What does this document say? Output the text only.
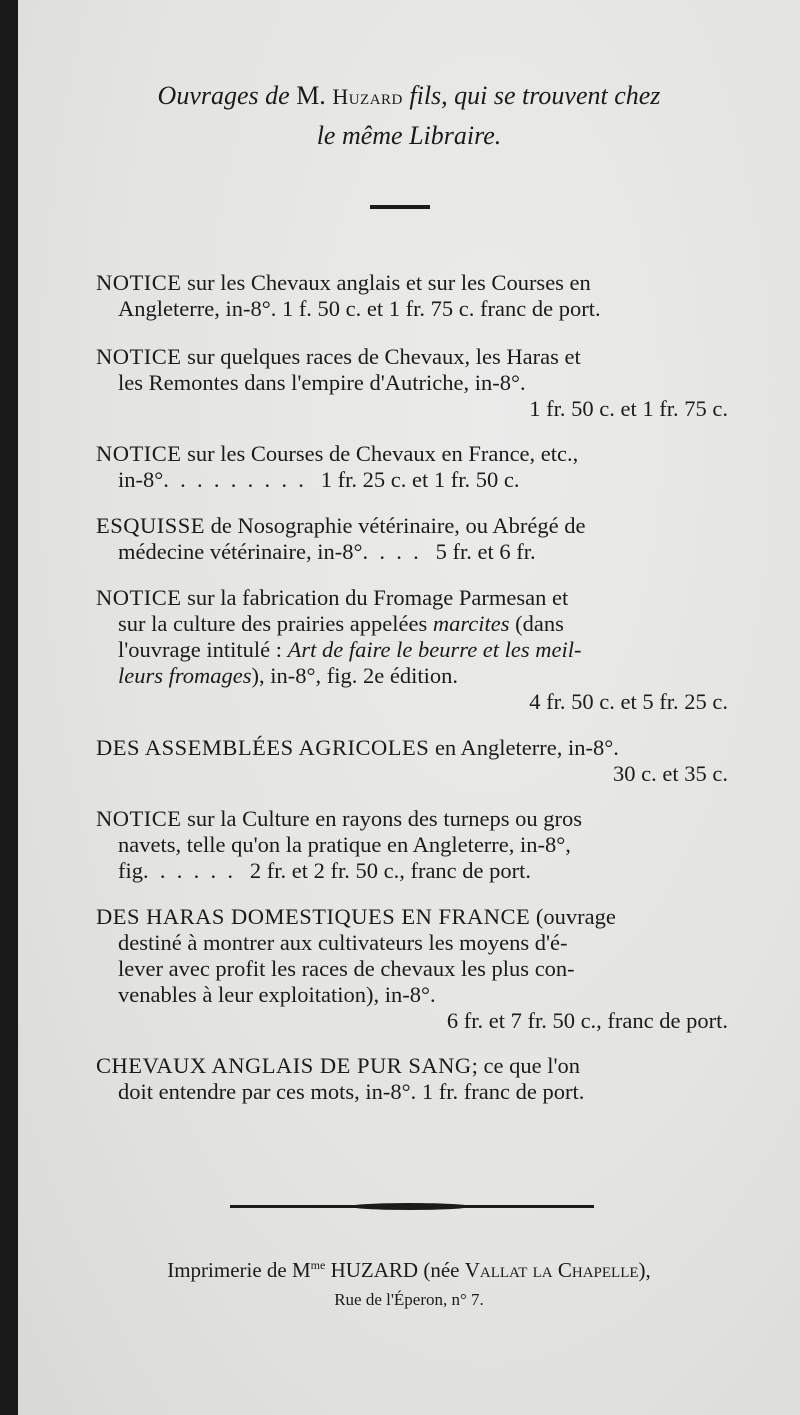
Ouvrages de M. Huzard fils, qui se trouvent chez
le même Libraire.
NOTICE sur les Chevaux anglais et sur les Courses en
Angleterre, in-8°. 1 f. 50 c. et 1 fr. 75 c. franc de port.
NOTICE sur quelques races de Chevaux, les Haras et
les Remontes dans l'empire d'Autriche, in-8°.
1 fr. 50 c. et 1 fr. 75 c.
NOTICE sur les Courses de Chevaux en France, etc.,
in-8°.  .  .  .  .  .  .  .  .   1 fr. 25 c. et 1 fr. 50 c.
ESQUISSE de Nosographie vétérinaire, ou Abrégé de
médecine vétérinaire, in-8°.  .  .  .   5 fr. et 6 fr.
NOTICE sur la fabrication du Fromage Parmesan et
sur la culture des prairies appelées marcites (dans
l'ouvrage intitulé : Art de faire le beurre et les meil-
leurs fromages), in-8°, fig. 2e édition.
4 fr. 50 c. et 5 fr. 25 c.
DES ASSEMBLÉES AGRICOLES en Angleterre, in-8°.
30 c. et 35 c.
NOTICE sur la Culture en rayons des turneps ou gros
navets, telle qu'on la pratique en Angleterre, in-8°,
fig.  .  .  .  .  .   2 fr. et 2 fr. 50 c., franc de port.
DES HARAS DOMESTIQUES EN FRANCE (ouvrage
destiné à montrer aux cultivateurs les moyens d'é-
lever avec profit les races de chevaux les plus con-
venables à leur exploitation), in-8°.
6 fr. et 7 fr. 50 c., franc de port.
CHEVAUX ANGLAIS DE PUR SANG; ce que l'on
doit entendre par ces mots, in-8°. 1 fr. franc de port.
Imprimerie de $M^{me}$ HUZARD (née Vallat la Chapelle),
Rue de l'Éperon, n° 7.
